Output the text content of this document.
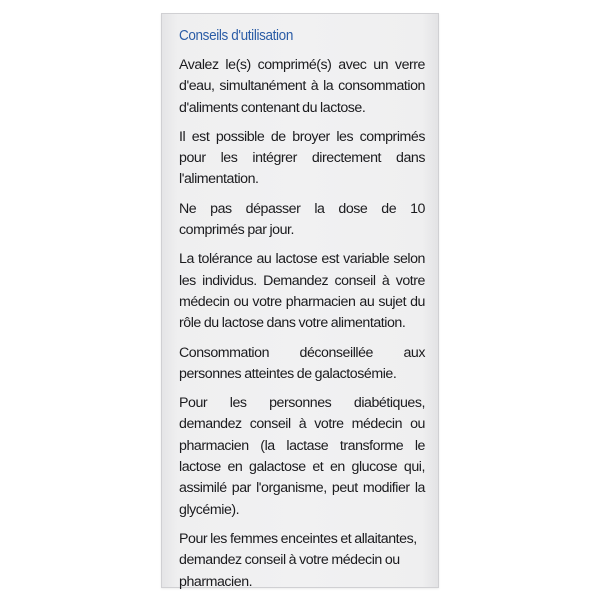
Conseils d'utilisation

Avalez le(s) comprimé(s) avec un verre d'eau, simultanément à la consommation d'aliments contenant du lactose.

Il est possible de broyer les comprimés pour les intégrer directement dans l'alimentation.

Ne pas dépasser la dose de 10 comprimés par jour.

La tolérance au lactose est variable selon les individus. Demandez conseil à votre médecin ou votre pharmacien au sujet du rôle du lactose dans votre alimentation.

Consommation déconseillée aux personnes atteintes de galactosémie.

Pour les personnes diabétiques, demandez conseil à votre médecin ou pharmacien (la lactase transforme le lactose en galactose et en glucose qui, assimilé par l'organisme, peut modifier la glycémie).

Pour les femmes enceintes et allaitantes, demandez conseil à votre médecin ou pharmacien.
